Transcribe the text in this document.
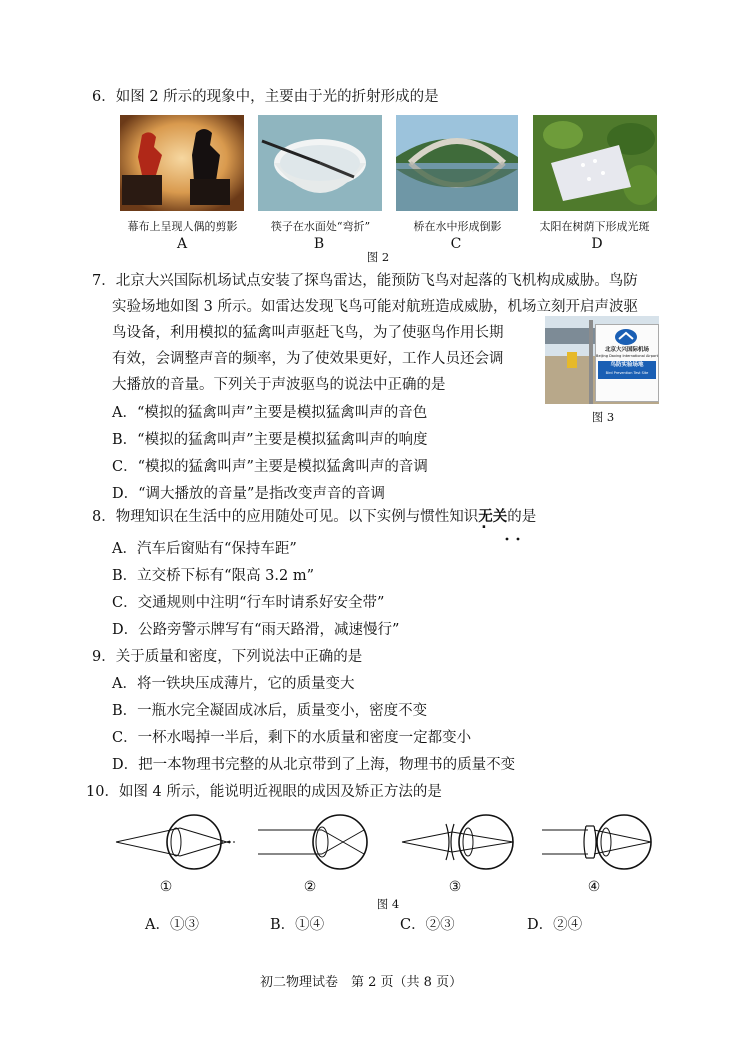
6．如图 2 所示的现象中，主要由于光的折射形成的是
幕布上呈现人偶的剪影	筷子在水面处“弯折”	桥在水中形成倒影	太阳在树荫下形成光斑
A	B	C	D
图 2
7．北京大兴国际机场试点安装了探鸟雷达，能预防飞鸟对起落的飞机构成威胁。鸟防
实验场地如图 3 所示。如雷达发现飞鸟可能对航班造成威胁，机场立刻开启声波驱
鸟设备，利用模拟的猛禽叫声驱赶飞鸟，为了使驱鸟作用长期
有效，会调整声音的频率，为了使效果更好，工作人员还会调
大播放的音量。下列关于声波驱鸟的说法中正确的是
A．“模拟的猛禽叫声”主要是模拟猛禽叫声的音色
B．“模拟的猛禽叫声”主要是模拟猛禽叫声的响度
C．“模拟的猛禽叫声”主要是模拟猛禽叫声的音调
D．“调大播放的音量”是指改变声音的音调
北京大兴国际机场
Beijing Daxing International Airport
鸟防实验场地
Bird Prevention Test Site
图 3
8．物理知识在生活中的应用随处可见。以下实例与惯性知识无关的是
A．汽车后窗贴有“保持车距”
B．立交桥下标有“限高 3.2 m”
C．交通规则中注明“行车时请系好安全带”
D．公路旁警示牌写有“雨天路滑，减速慢行”
9．关于质量和密度，下列说法中正确的是
A．将一铁块压成薄片，它的质量变大
B．一瓶水完全凝固成冰后，质量变小，密度不变
C．一杯水喝掉一半后，剩下的水质量和密度一定都变小
D．把一本物理书完整的从北京带到了上海，物理书的质量不变
10．如图 4 所示，能说明近视眼的成因及矫正方法的是
①	②	③	④
图 4
A．①③	B．①④	C．②③	D．②④
初二物理试卷　第 2 页（共 8 页）
